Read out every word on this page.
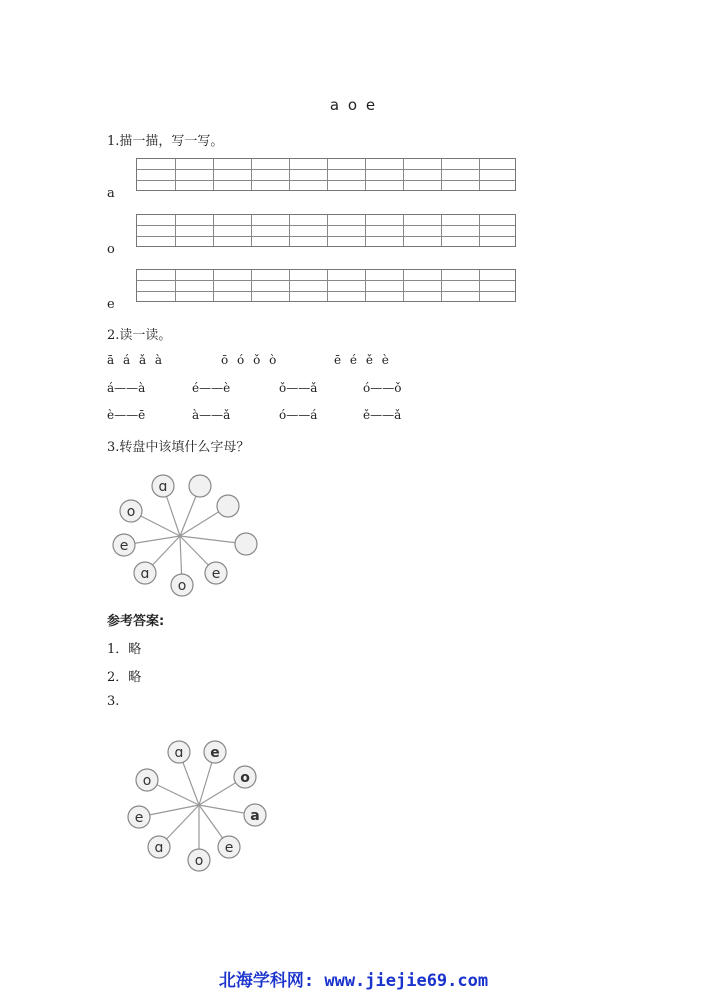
a o e
1.描一描，写一写。
a
o
e
2.读一读。
ā á ǎ à	ō ó ǒ ò	ē é ě è
á——à	é——è	ǒ——ǎ	ó——ǒ
è——ē	à——ǎ	ó——á	ě——ǎ
3.转盘中该填什么字母？
ɑ
e
o
ɑ
e
o
参考答案:
1．略
2．略
3.
ɑ e
o
a
e
o
ɑ
e
o
北海学科网: www.jiejie69.com
